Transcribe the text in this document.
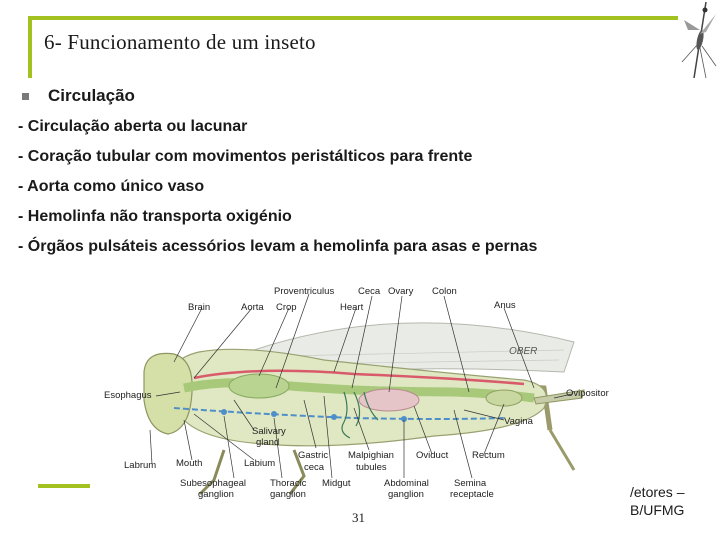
6- Funcionamento de um inseto
Circulação
- Circulação aberta ou lacunar
- Coração tubular com movimentos peristálticos para frente
- Aorta como único vaso
- Hemolinfa não transporta oxigénio
- Órgãos pulsáteis acessórios levam a hemolinfa para asas e pernas
OBER
Proventriculus	Ceca Ovary Colon
Brain	Aorta Crop	Heart	Anus
Esophagus	Ovipositor
Vagina
Salivary
gland
Labrum Mouth	Labium
Gastric
ceca
Malpighian
tubules
Oviduct	Rectum
Subesophageal
ganglion
Thoracic
ganglion
Midgut	Abdominal
ganglion
Semina
receptacle
31
/etores –
B/UFMG
